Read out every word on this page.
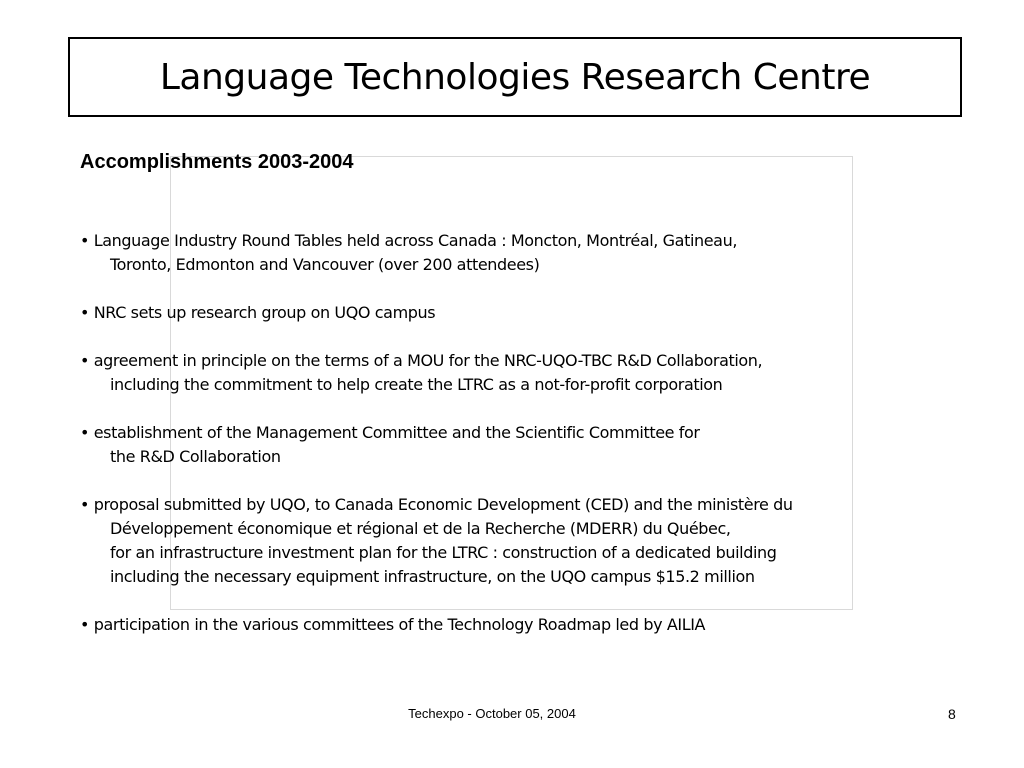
Language Technologies Research Centre
Accomplishments 2003-2004
• Language Industry Round Tables held across Canada : Moncton, Montréal, Gatineau,
Toronto, Edmonton and Vancouver (over 200 attendees)
• NRC sets up research group on UQO campus
• agreement in principle on the terms of a MOU for the NRC-UQO-TBC R&D Collaboration,
including the commitment to help create the LTRC as a not-for-profit corporation
• establishment of the Management Committee and the Scientific Committee for
the R&D Collaboration
• proposal submitted by UQO, to Canada Economic Development (CED) and the ministère du
Développement économique et régional et de la Recherche (MDERR) du Québec,
for an infrastructure investment plan for the LTRC : construction of a dedicated building
including the necessary equipment infrastructure, on the UQO campus $15.2 million
• participation in the various committees of the Technology Roadmap led by AILIA
Techexpo - October 05, 2004	8
